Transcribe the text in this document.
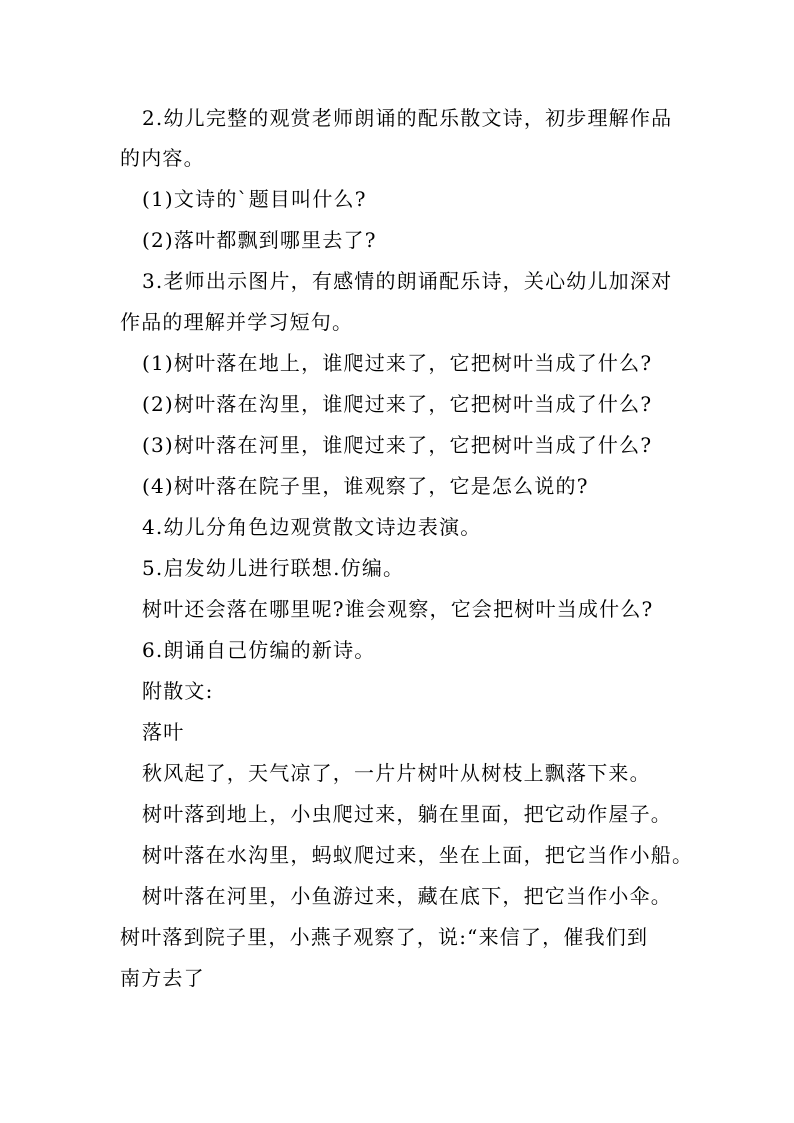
2.幼儿完整的观赏老师朗诵的配乐散文诗，初步理解作品
的内容。
(1)文诗的`题目叫什么?
(2)落叶都飘到哪里去了?
3.老师出示图片，有感情的朗诵配乐诗，关心幼儿加深对
作品的理解并学习短句。
(1)树叶落在地上，谁爬过来了，它把树叶当成了什么?
(2)树叶落在沟里，谁爬过来了，它把树叶当成了什么?
(3)树叶落在河里，谁爬过来了，它把树叶当成了什么?
(4)树叶落在院子里，谁观察了，它是怎么说的?
4.幼儿分角色边观赏散文诗边表演。
5.启发幼儿进行联想.仿编。
树叶还会落在哪里呢?谁会观察，它会把树叶当成什么?
6.朗诵自己仿编的新诗。
附散文:
落叶
秋风起了，天气凉了，一片片树叶从树枝上飘落下来。
树叶落到地上，小虫爬过来，躺在里面，把它动作屋子。
树叶落在水沟里，蚂蚁爬过来，坐在上面，把它当作小船。
树叶落在河里，小鱼游过来，藏在底下，把它当作小伞。
树叶落到院子里，小燕子观察了，说:“来信了，催我们到
南方去了
